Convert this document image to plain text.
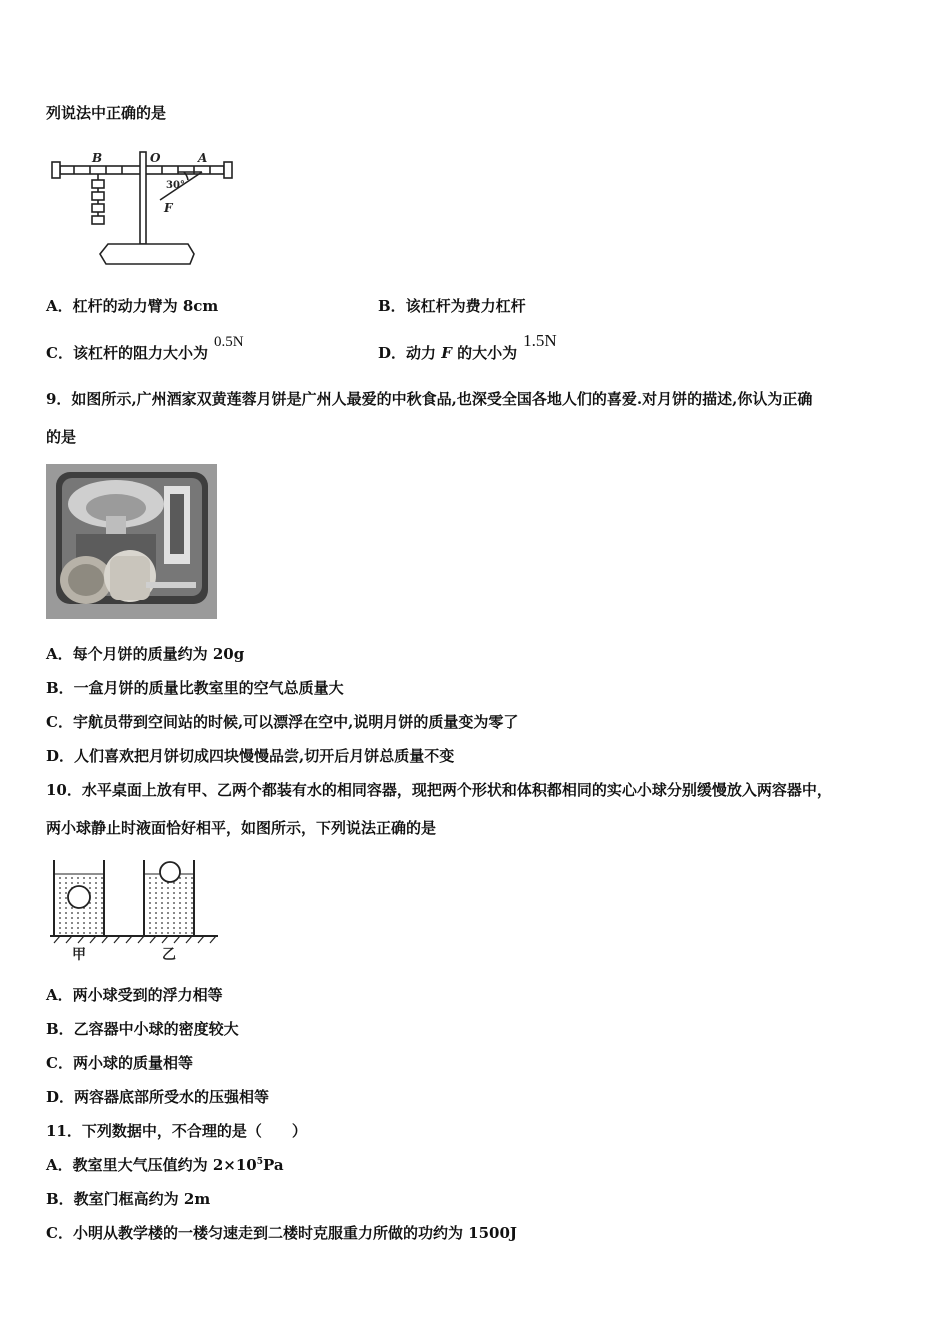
列说法中正确的是
B	O	A
30°
F
A．杠杆的动力臂为 8cm	B．该杠杆为费力杠杆
C．该杠杆的阻力大小为0.5N
D．动力 F 的大小为1.5N
9．如图所示,广州酒家双黄莲蓉月饼是广州人最爱的中秋食品,也深受全国各地人们的喜爱.对月饼的描述,你认为正确
的是
A．每个月饼的质量约为 20g
B．一盒月饼的质量比教室里的空气总质量大
C．宇航员带到空间站的时候,可以漂浮在空中,说明月饼的质量变为零了
D．人们喜欢把月饼切成四块慢慢品尝,切开后月饼总质量不变
10．水平桌面上放有甲、乙两个都装有水的相同容器，现把两个形状和体积都相同的实心小球分别缓慢放入两容器中，
两小球静止时液面恰好相平，如图所示，下列说法正确的是
甲	乙
A．两小球受到的浮力相等
B．乙容器中小球的密度较大
C．两小球的质量相等
D．两容器底部所受水的压强相等
11．下列数据中，不合理的是（　　）
A．教室里大气压值约为 $2\times 10^5Pa$
B．教室门框高约为 2m
C．小明从教学楼的一楼匀速走到二楼时克服重力所做的功约为 1500J
